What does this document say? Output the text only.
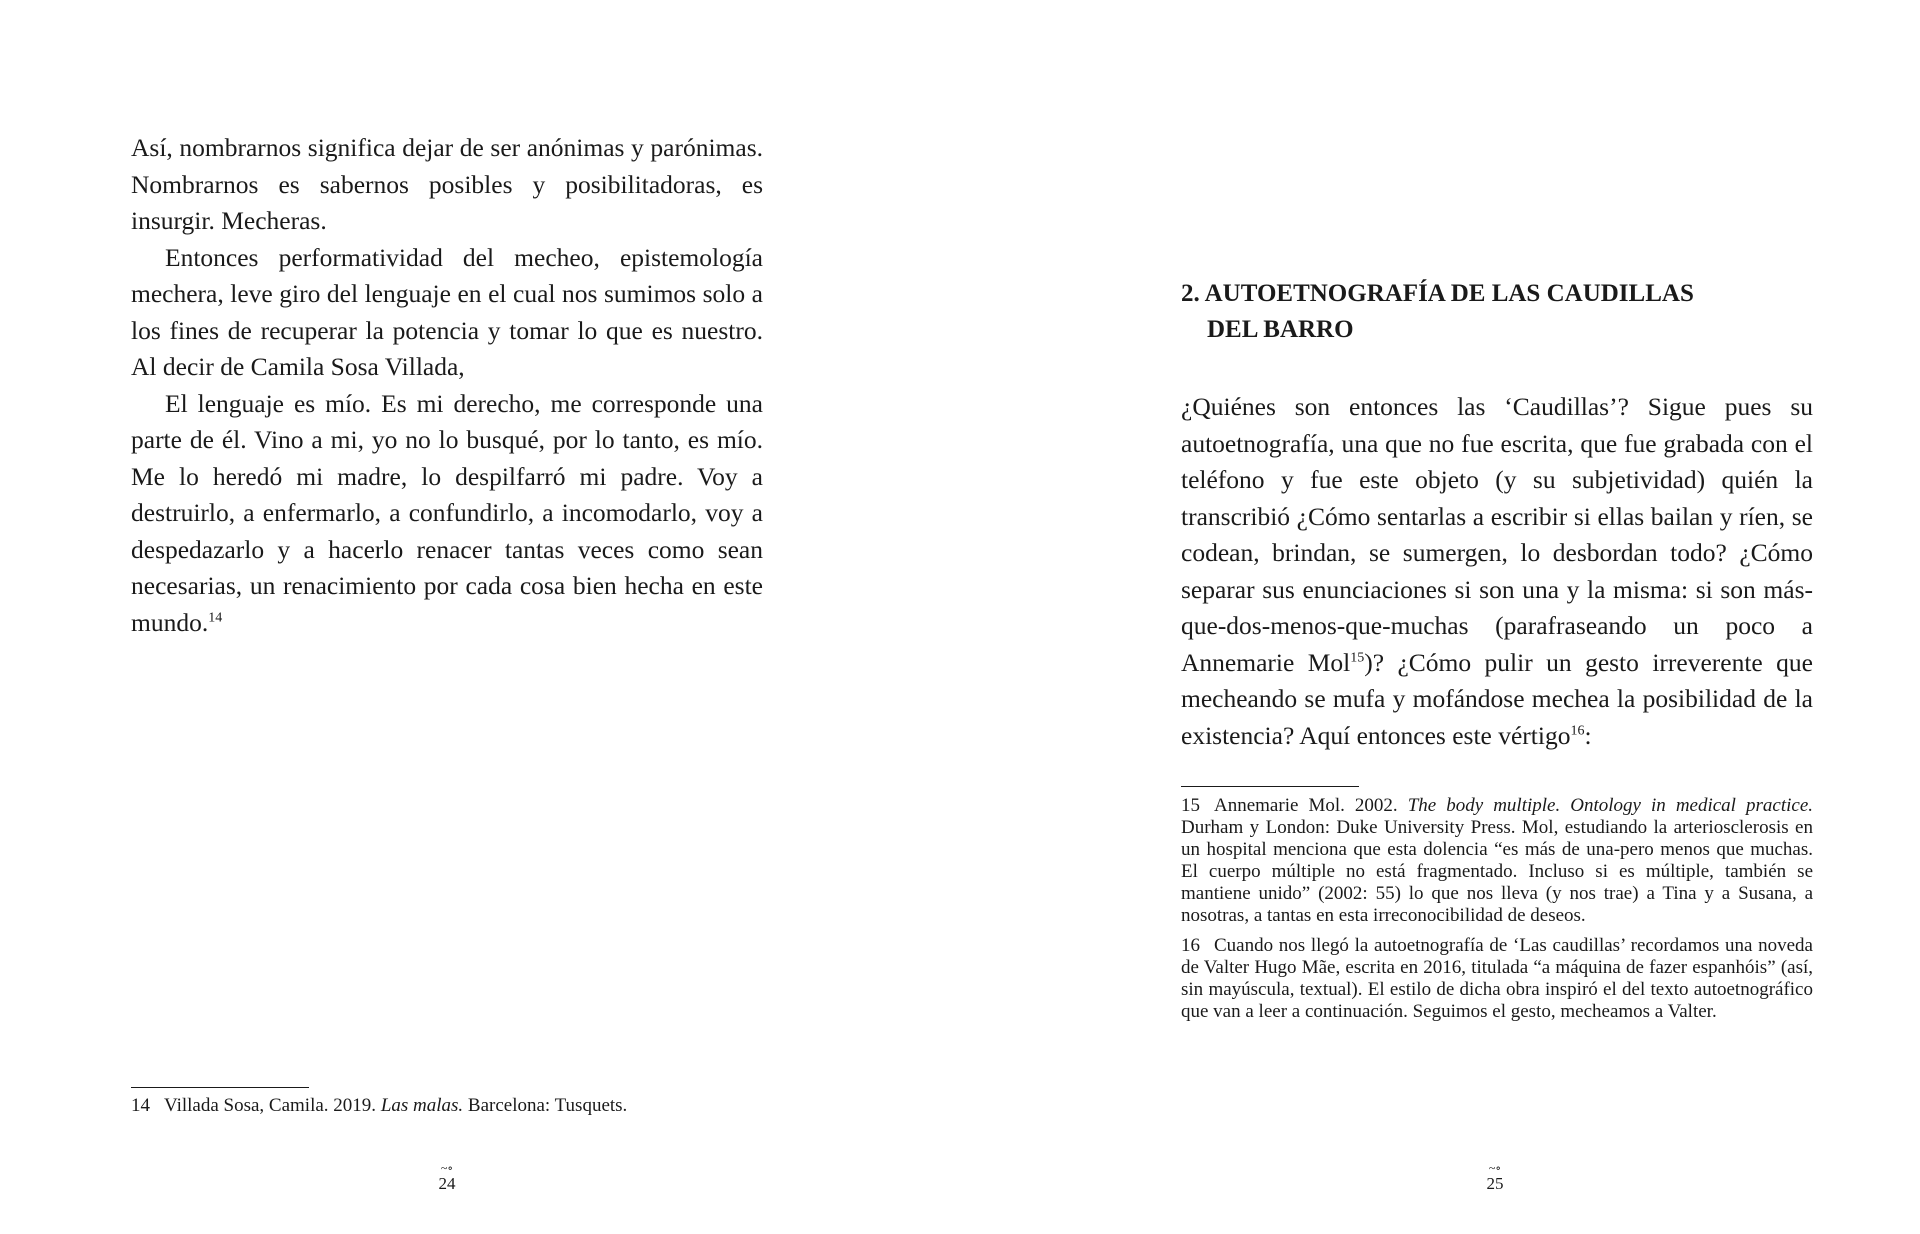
Así, nombrarnos significa dejar de ser anónimas y parónimas. Nombrarnos es sabernos posibles y posibilitadoras, es insurgir. Mecheras.

Entonces performatividad del mecheo, epistemología mechera, leve giro del lenguaje en el cual nos sumimos solo a los fines de recuperar la potencia y tomar lo que es nuestro. Al decir de Camila Sosa Villada,

El lenguaje es mío. Es mi derecho, me corresponde una parte de él. Vino a mi, yo no lo busqué, por lo tanto, es mío. Me lo heredó mi madre, lo despilfarró mi padre. Voy a destruirlo, a enfermarlo, a confundirlo, a incomodarlo, voy a despedazarlo y a hacerlo renacer tantas veces como sean necesarias, un renacimiento por cada cosa bien hecha en este mundo.$^{14}$

14 Villada Sosa, Camila. 2019. Las malas. Barcelona: Tusquets.
~∘
24
2. AUTOETNOGRAFÍA DE LAS CAUDILLAS
DEL BARRO

¿Quiénes son entonces las ‘Caudillas’? Sigue pues su autoetnografía, una que no fue escrita, que fue grabada con el teléfono y fue este objeto (y su subjetividad) quién la transcribió ¿Cómo sentarlas a escribir si ellas bailan y ríen, se codean, brindan, se sumergen, lo desbordan todo? ¿Cómo separar sus enunciaciones si son una y la misma: si son más-que-dos-menos-que-muchas (parafraseando un poco a Annemarie Mol$^{15}$)? ¿Cómo pulir un gesto irreverente que mecheando se mufa y mofándose mechea la posibilidad de la existencia? Aquí entonces este vértigo$^{16}$:

15 Annemarie Mol. 2002. The body multiple. Ontology in medical practice. Durham y London: Duke University Press. Mol, estudiando la arteriosclerosis en un hospital menciona que esta dolencia “es más de una-pero menos que muchas. El cuerpo múltiple no está fragmentado. Incluso si es múltiple, también se mantiene unido” (2002: 55) lo que nos lleva (y nos trae) a Tina y a Susana, a nosotras, a tantas en esta irreconocibilidad de deseos.
16 Cuando nos llegó la autoetnografía de ‘Las caudillas’ recordamos una noveda de Valter Hugo Mãe, escrita en 2016, titulada “a máquina de fazer espanhóis” (así, sin mayúscula, textual). El estilo de dicha obra inspiró el del texto autoetnográfico que van a leer a continuación. Seguimos el gesto, mecheamos a Valter.
~∘
25
